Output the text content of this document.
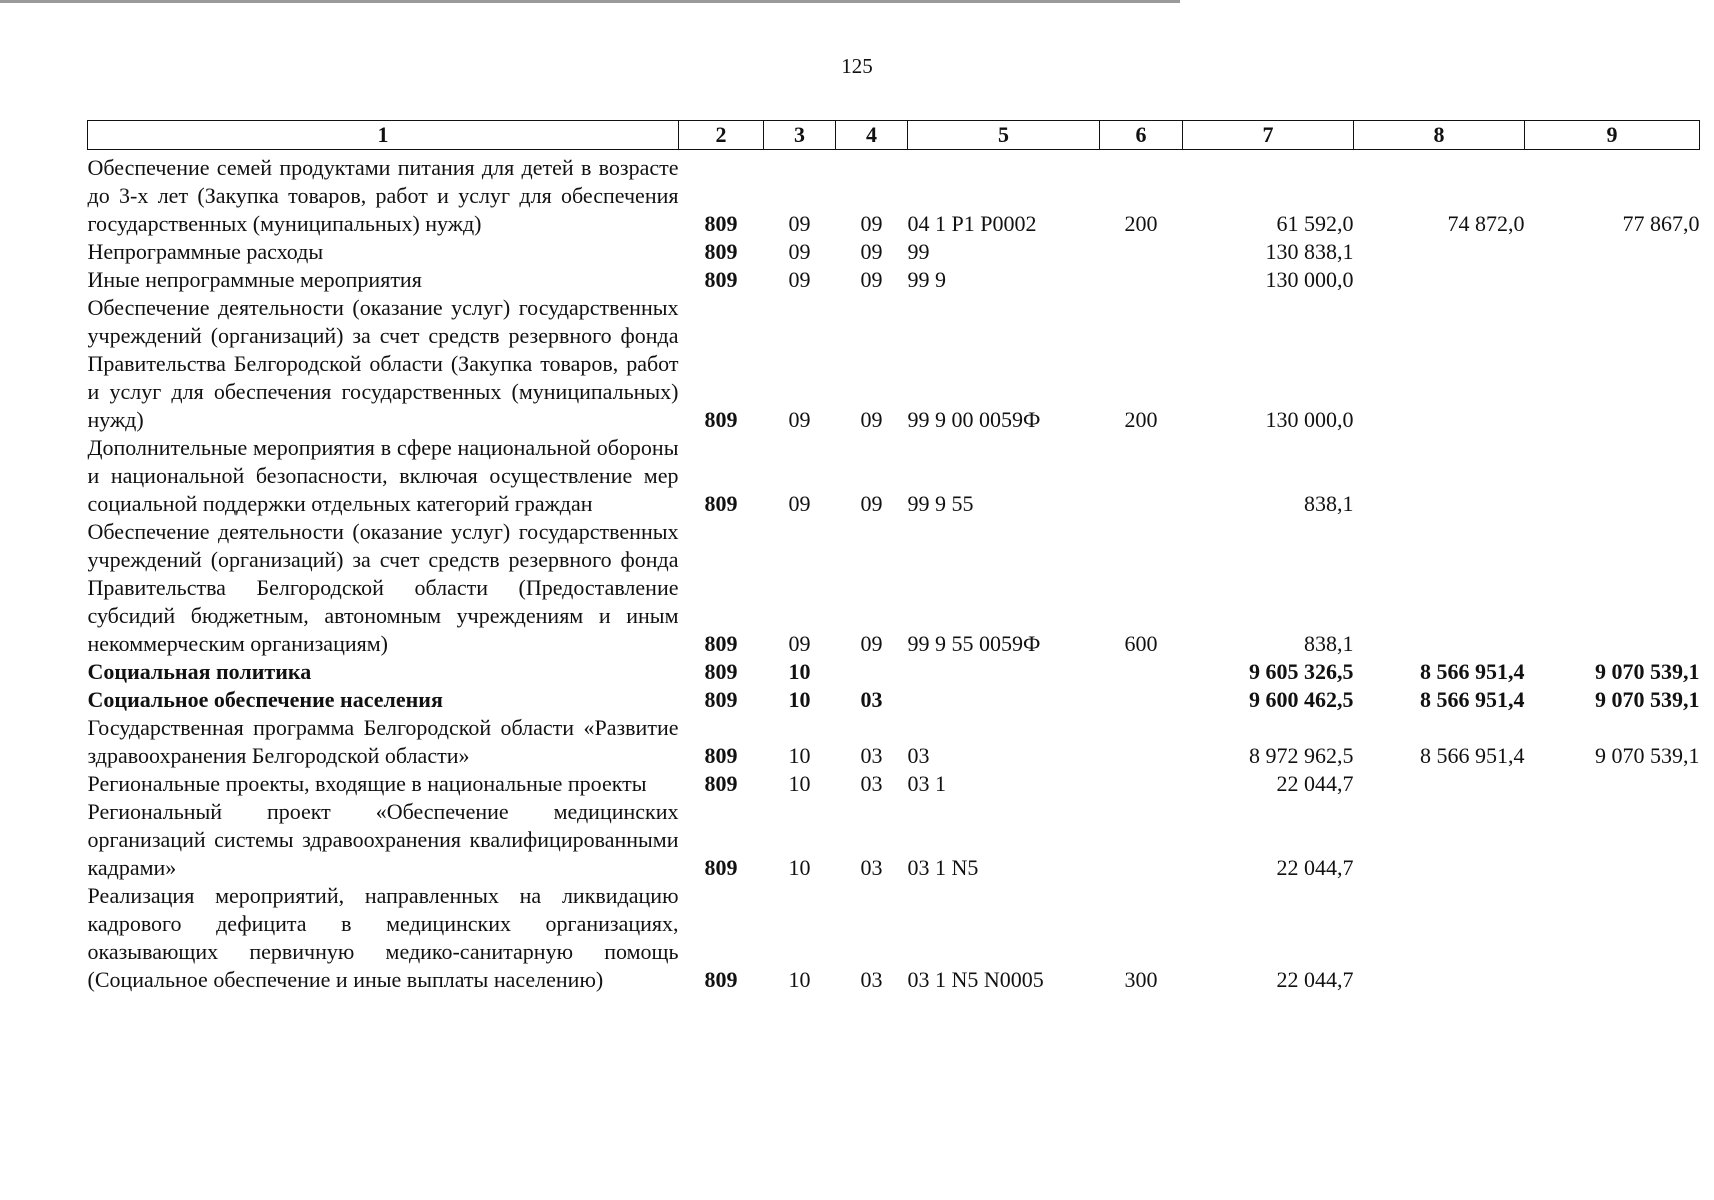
125
1	2	3	4	5	6	7	8	9
Обеспечение семей продуктами питания для детей в возрасте до 3-х лет (Закупка товаров, работ и услуг для обеспечения государственных (муниципальных) нужд)	809	09	09	04 1 P1 P0002	200	61 592,0	74 872,0	77 867,0
Непрограммные расходы	809	09	09	99		130 838,1		
Иные непрограммные мероприятия	809	09	09	99 9		130 000,0		
Обеспечение деятельности (оказание услуг) государственных учреждений (организаций) за счет средств резервного фонда Правительства Белгородской области (Закупка товаров, работ и услуг для обеспечения государственных (муниципальных) нужд)	809	09	09	99 9 00 0059Ф	200	130 000,0		
Дополнительные мероприятия в сфере национальной обороны и национальной безопасности, включая осуществление мер социальной поддержки отдельных категорий граждан	809	09	09	99 9 55		838,1		
Обеспечение деятельности (оказание услуг) государственных учреждений (организаций) за счет средств резервного фонда Правительства Белгородской области (Предоставление субсидий бюджетным, автономным учреждениям и иным некоммерческим организациям)	809	09	09	99 9 55 0059Ф	600	838,1		
Социальная политика	809	10				9 605 326,5	8 566 951,4	9 070 539,1
Социальное обеспечение населения	809	10	03			9 600 462,5	8 566 951,4	9 070 539,1
Государственная программа Белгородской области «Развитие здравоохранения Белгородской области»	809	10	03	03		8 972 962,5	8 566 951,4	9 070 539,1
Региональные проекты, входящие в национальные проекты	809	10	03	03 1		22 044,7		
Региональный проект «Обеспечение медицинских организаций системы здравоохранения квалифицированными кадрами»	809	10	03	03 1 N5		22 044,7		
Реализация мероприятий, направленных на ликвидацию кадрового дефицита в медицинских организациях, оказывающих первичную медико-санитарную помощь (Социальное обеспечение и иные выплаты населению)	809	10	03	03 1 N5 N0005	300	22 044,7		
